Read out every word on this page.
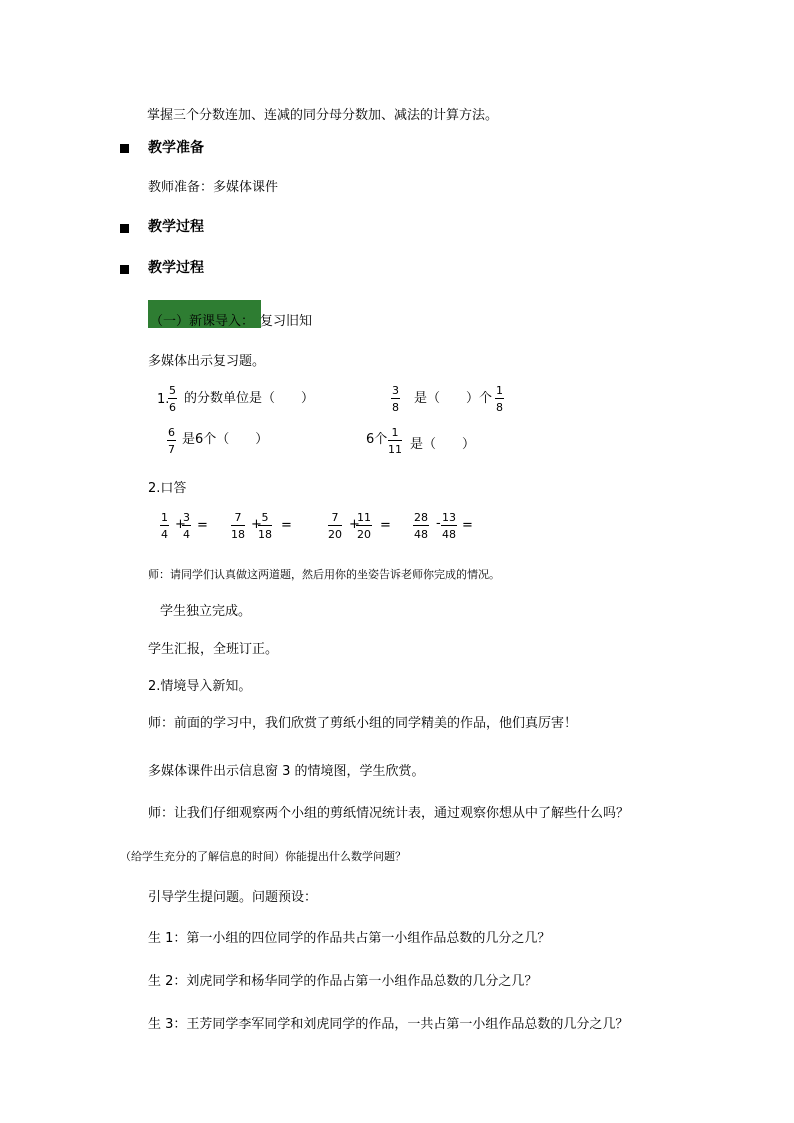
掌握三个分数连加、连减的同分母分数加、减法的计算方法。
教学准备
教师准备：多媒体课件
教学过程
教学过程
（一）新课导入： 复习旧知
多媒体出示复习题。
1.
5
6
的分数单位是（　　）
3
8
是（　　）个
1
8
6
7
是6个（　　）	6个 1
11 是（　　）
2.口答
1
4
+
3
4
=
7
18
+ 5
18
=
7
20
+
11
20
=
28
48
- 13
48
=
师：请同学们认真做这两道题，然后用你的坐姿告诉老师你完成的情况。
学生独立完成。
学生汇报，全班订正。
2.情境导入新知。
师：前面的学习中，我们欣赏了剪纸小组的同学精美的作品，他们真厉害！
多媒体课件出示信息窗 3 的情境图，学生欣赏。
师：让我们仔细观察两个小组的剪纸情况统计表，通过观察你想从中了解些什么吗？
（给学生充分的了解信息的时间）你能提出什么数学问题？
引导学生提问题。问题预设：
生 1：第一小组的四位同学的作品共占第一小组作品总数的几分之几？
生 2：刘虎同学和杨华同学的作品占第一小组作品总数的几分之几？
生 3：王芳同学李军同学和刘虎同学的作品，一共占第一小组作品总数的几分之几？
